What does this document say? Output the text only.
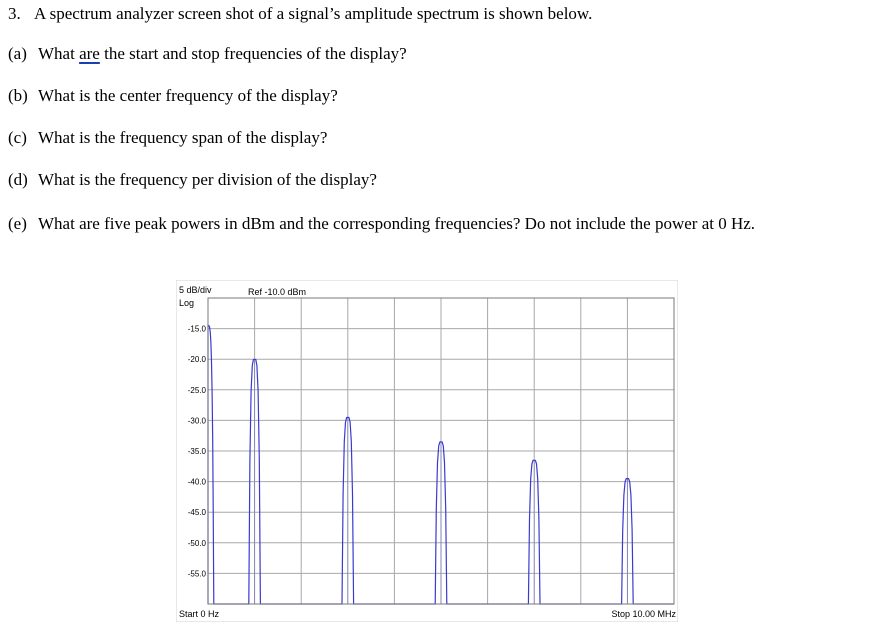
3. A spectrum analyzer screen shot of a signal’s amplitude spectrum is shown below.
(a) What are the start and stop frequencies of the display?
(b) What is the center frequency of the display?
(c) What is the frequency span of the display?
(d) What is the frequency per division of the display?
(e) What are five peak powers in dBm and the corresponding frequencies? Do not include the power at 0 Hz.
5 dB/div
Log
Ref -10.0 dBm
Start 0 Hz	Stop 10.00 MHz
-15.0
-20.0
-25.0
-30.0
-35.0
-40.0
-45.0
-50.0
-55.0
